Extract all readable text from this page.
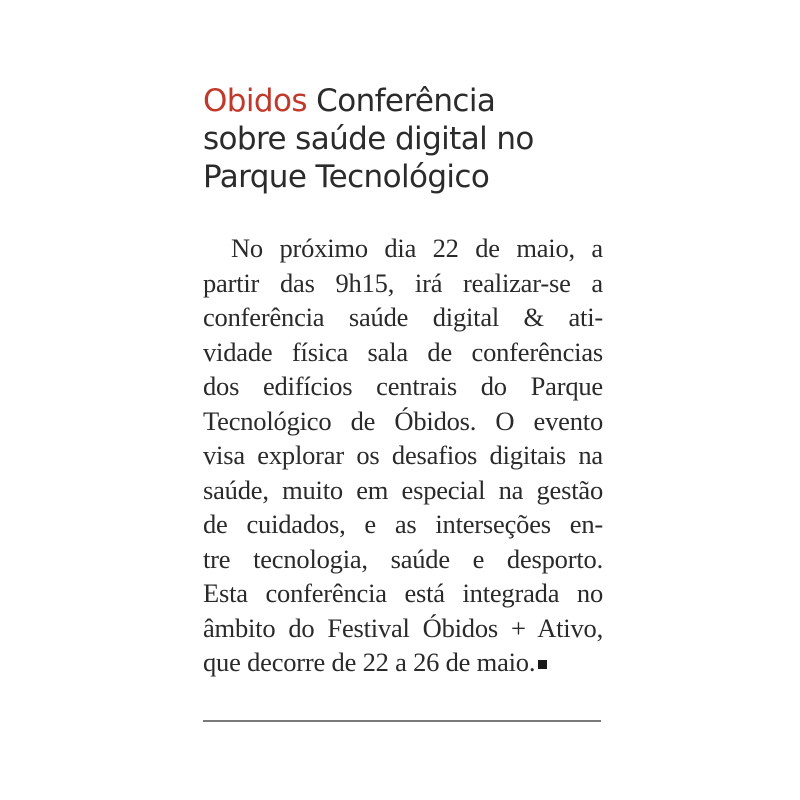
Obidos Conferência
sobre saúde digital no
Parque Tecnológico
No próximo dia 22 de maio, a
partir das 9h15, irá realizar-se a
conferência saúde digital & ati-
vidade física sala de conferências
dos edifícios centrais do Parque
Tecnológico de Óbidos. O evento
visa explorar os desafios digitais na
saúde, muito em especial na gestão
de cuidados, e as interseções en-
tre tecnologia, saúde e desporto.
Esta conferência está integrada no
âmbito do Festival Óbidos + Ativo,
que decorre de 22 a 26 de maio.
